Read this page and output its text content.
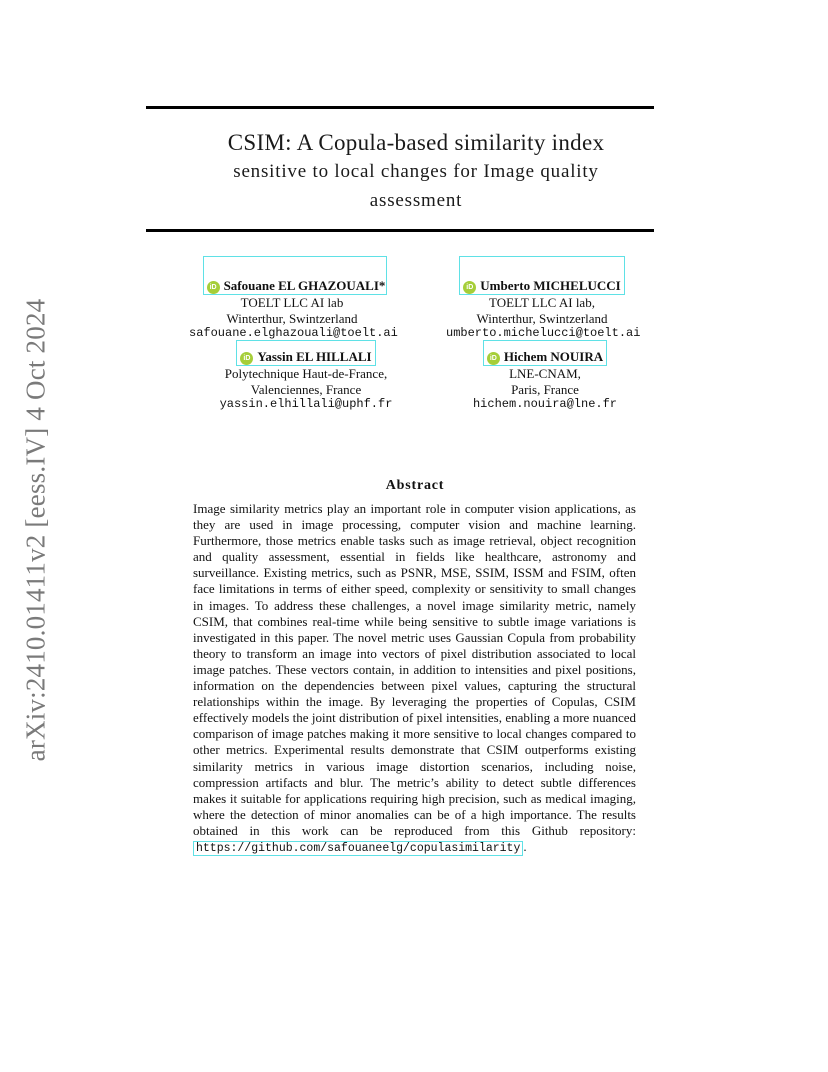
arXiv:2410.01411v2 [eess.IV] 4 Oct 2024
CSIM: A Copula-based similarity index
sensitive to local changes for Image quality
assessment
iD Safouane EL GHAZOUALI*
TOELT LLC AI lab
Winterthur, Swintzerland
safouane.elghazouali@toelt.ai
iD Umberto MICHELUCCI
TOELT LLC AI lab,
Winterthur, Swintzerland
umberto.michelucci@toelt.ai
iD Yassin EL HILLALI
Polytechnique Haut-de-France,
Valenciennes, France
yassin.elhillali@uphf.fr
iD Hichem NOUIRA
LNE-CNAM,
Paris, France
hichem.nouira@lne.fr
Abstract
Image similarity metrics play an important role in computer vision applications, as they are used in image processing, computer vision and machine learning. Furthermore, those metrics enable tasks such as image retrieval, object recognition and quality assessment, essential in fields like healthcare, astronomy and surveillance. Existing metrics, such as PSNR, MSE, SSIM, ISSM and FSIM, often face limitations in terms of either speed, complexity or sensitivity to small changes in images. To address these challenges, a novel image similarity metric, namely CSIM, that combines real-time while being sensitive to subtle image variations is investigated in this paper. The novel metric uses Gaussian Copula from probability theory to transform an image into vectors of pixel distribution associated to local image patches. These vectors contain, in addition to intensities and pixel positions, information on the dependencies between pixel values, capturing the structural relationships within the image. By leveraging the properties of Copulas, CSIM effectively models the joint distribution of pixel intensities, enabling a more nuanced comparison of image patches making it more sensitive to local changes compared to other metrics. Experimental results demonstrate that CSIM outperforms existing similarity metrics in various image distortion scenarios, including noise, compression artifacts and blur. The metric’s ability to detect subtle differences makes it suitable for applications requiring high precision, such as medical imaging, where the detection of minor anomalies can be of a high importance. The results obtained in this work can be reproduced from this Github repository: https://github.com/safouaneelg/copulasimilarity .
